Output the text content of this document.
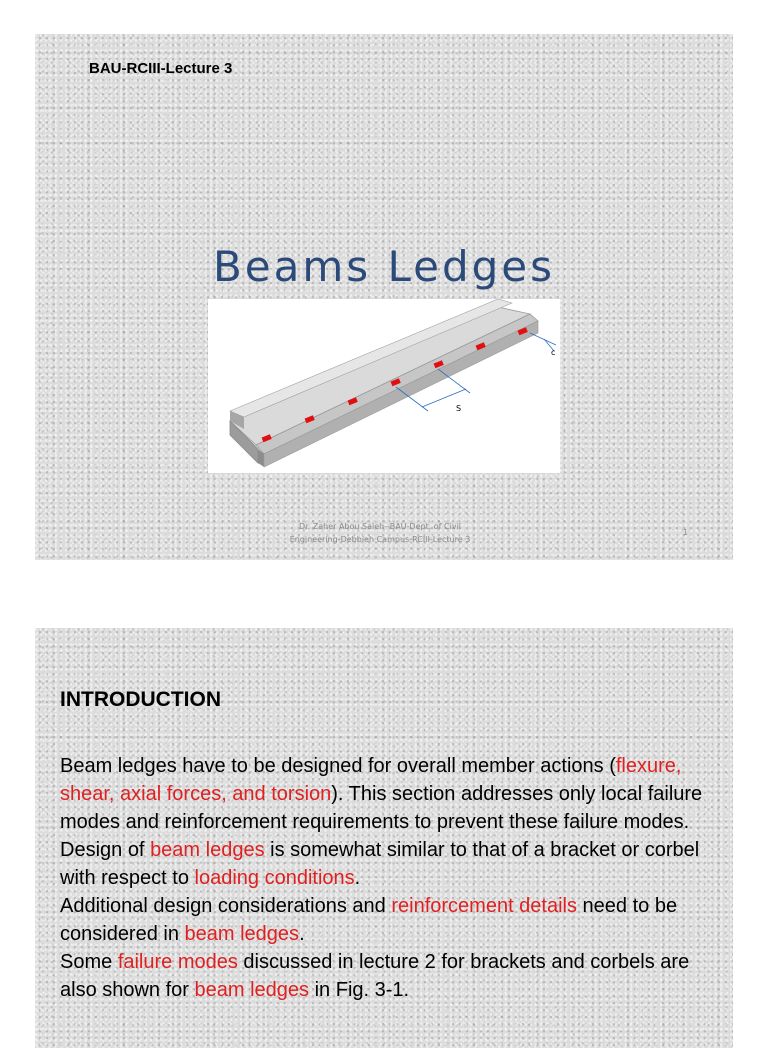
BAU-RCIII-Lecture 3
Beams Ledges
S
c
Dr. Zaher Abou Saleh--BAU-Dept. of Civil
Engineering-Debbieh Campus-RCIII-Lecture 3
1
INTRODUCTION

Beam ledges have to be designed for overall member actions (flexure, shear, axial forces, and torsion). This section addresses only local failure modes and reinforcement requirements to prevent these failure modes.

Design of beam ledges is somewhat similar to that of a bracket or corbel with respect to loading conditions.

Additional design considerations and reinforcement details need to be considered in beam ledges.

Some failure modes discussed in lecture 2 for brackets and corbels are also shown for beam ledges in Fig. 3-1.
